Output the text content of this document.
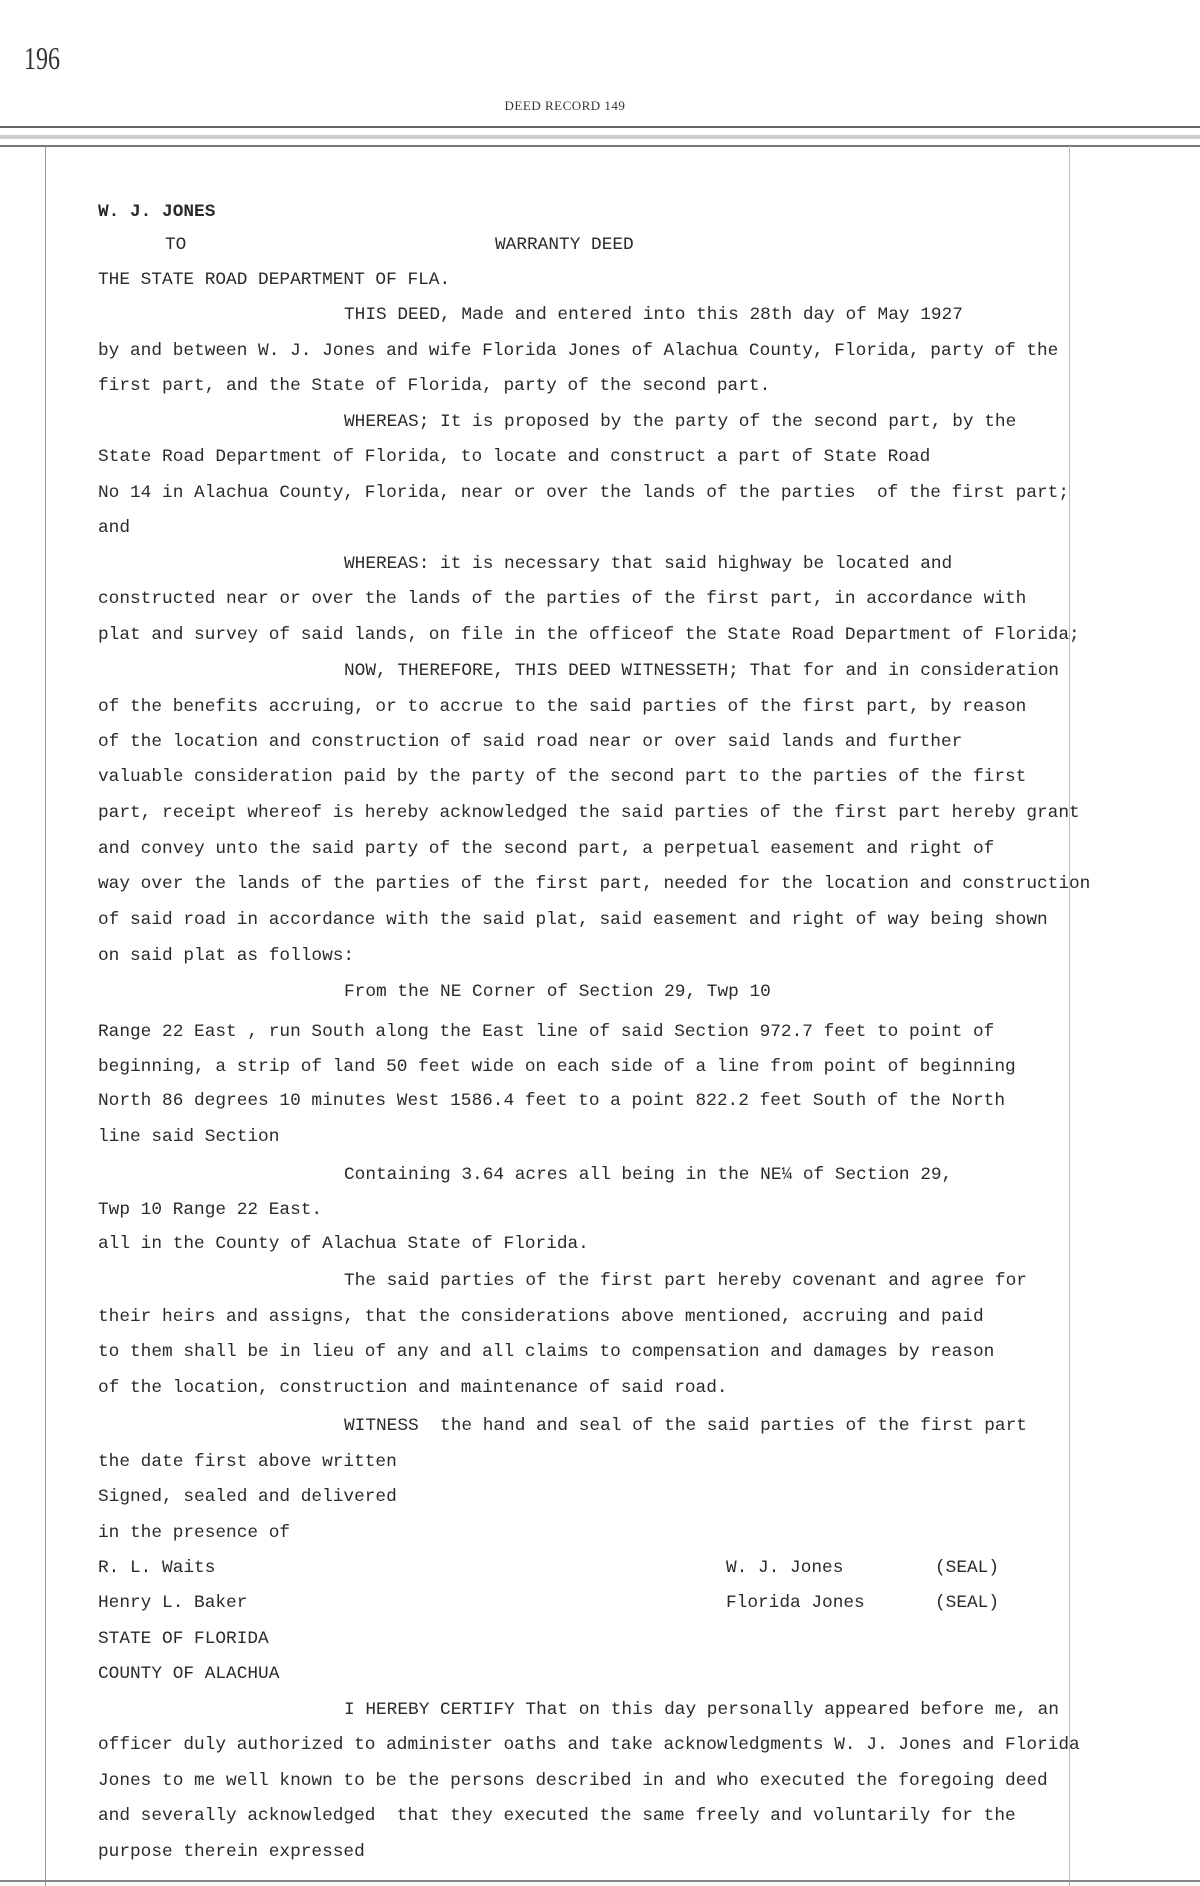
196
DEED RECORD 149
W. J. JONES
TO	WARRANTY DEED
THE STATE ROAD DEPARTMENT OF FLA.
THIS DEED, Made and entered into this 28th day of May 1927
by and between W. J. Jones and wife Florida Jones of Alachua County, Florida, party of the
first part, and the State of Florida, party of the second part.
WHEREAS; It is proposed by the party of the second part, by the
State Road Department of Florida, to locate and construct a part of State Road
No 14 in Alachua County, Florida, near or over the lands of the parties  of the first part;
and
WHEREAS: it is necessary that said highway be located and
constructed near or over the lands of the parties of the first part, in accordance with
plat and survey of said lands, on file in the officeof the State Road Department of Florida;
NOW, THEREFORE, THIS DEED WITNESSETH; That for and in consideration
of the benefits accruing, or to accrue to the said parties of the first part, by reason
of the location and construction of said road near or over said lands and further
valuable consideration paid by the party of the second part to the parties of the first
part, receipt whereof is hereby acknowledged the said parties of the first part hereby grant
and convey unto the said party of the second part, a perpetual easement and right of
way over the lands of the parties of the first part, needed for the location and construction
of said road in accordance with the said plat, said easement and right of way being shown
on said plat as follows:
From the NE Corner of Section 29, Twp 10
Range 22 East , run South along the East line of said Section 972.7 feet to point of
beginning, a strip of land 50 feet wide on each side of a line from point of beginning
North 86 degrees 10 minutes West 1586.4 feet to a point 822.2 feet South of the North
line said Section
Containing 3.64 acres all being in the NE¼ of Section 29,
Twp 10 Range 22 East.
all in the County of Alachua State of Florida.
The said parties of the first part hereby covenant and agree for
their heirs and assigns, that the considerations above mentioned, accruing and paid
to them shall be in lieu of any and all claims to compensation and damages by reason
of the location, construction and maintenance of said road.
WITNESS  the hand and seal of the said parties of the first part
the date first above written
Signed, sealed and delivered
in the presence of
R. L. Waits	W. J. Jones	(SEAL)
Henry L. Baker	Florida Jones	(SEAL)
STATE OF FLORIDA
COUNTY OF ALACHUA
I HEREBY CERTIFY That on this day personally appeared before me, an
officer duly authorized to administer oaths and take acknowledgments W. J. Jones and Florida
Jones to me well known to be the persons described in and who executed the foregoing deed
and severally acknowledged  that they executed the same freely and voluntarily for the
purpose therein expressed
